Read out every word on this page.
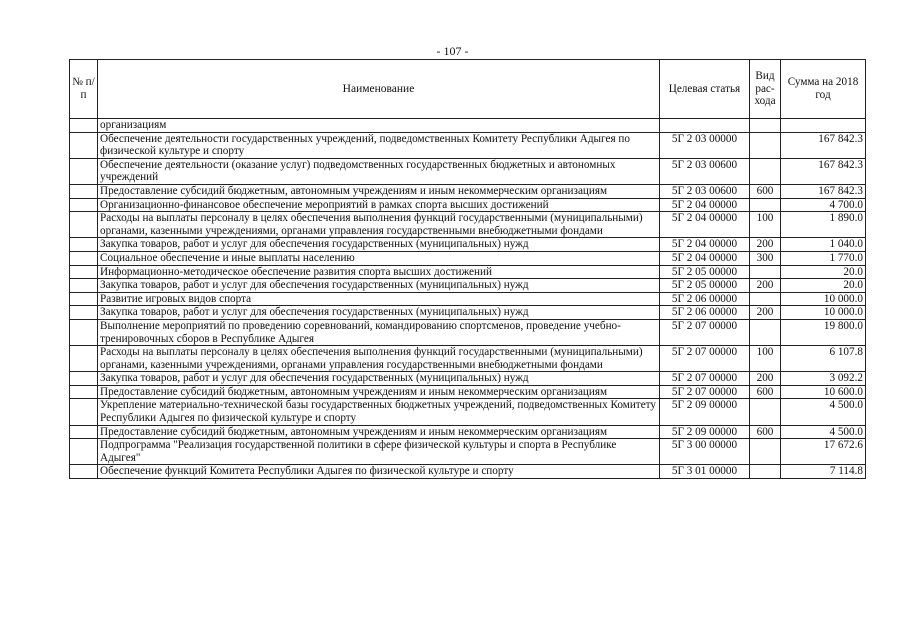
- 107 -
№ п/п	Наименование	Целевая статья	Вид рас- хода	Сумма на 2018 год
	организациям			
	Обеспечение деятельности государственных учреждений, подведомственных Комитету Республики Адыгея по физической культуре и спорту	5Г 2 03 00000		167 842.3
	Обеспечение деятельности (оказание услуг) подведомственных государственных бюджетных и автономных учреждений	5Г 2 03 00600		167 842.3
	Предоставление субсидий бюджетным, автономным учреждениям и иным некоммерческим организациям	5Г 2 03 00600	600	167 842.3
	Организационно-финансовое обеспечение мероприятий в рамках спорта высших достижений	5Г 2 04 00000		4 700.0
	Расходы на выплаты персоналу в целях обеспечения выполнения функций государственными (муниципальными) органами, казенными учреждениями, органами управления государственными внебюджетными фондами	5Г 2 04 00000	100	1 890.0
	Закупка товаров, работ и услуг для обеспечения государственных (муниципальных) нужд	5Г 2 04 00000	200	1 040.0
	Социальное обеспечение и иные выплаты населению	5Г 2 04 00000	300	1 770.0
	Информационно-методическое обеспечение развития спорта высших достижений	5Г 2 05 00000		20.0
	Закупка товаров, работ и услуг для обеспечения государственных (муниципальных) нужд	5Г 2 05 00000	200	20.0
	Развитие игровых видов спорта	5Г 2 06 00000		10 000.0
	Закупка товаров, работ и услуг для обеспечения государственных (муниципальных) нужд	5Г 2 06 00000	200	10 000.0
	Выполнение мероприятий по проведению соревнований, командированию спортсменов, проведение учебно-тренировочных сборов в Республике Адыгея	5Г 2 07 00000		19 800.0
	Расходы на выплаты персоналу в целях обеспечения выполнения функций государственными (муниципальными) органами, казенными учреждениями, органами управления государственными внебюджетными фондами	5Г 2 07 00000	100	6 107.8
	Закупка товаров, работ и услуг для обеспечения государственных (муниципальных) нужд	5Г 2 07 00000	200	3 092.2
	Предоставление субсидий бюджетным, автономным учреждениям и иным некоммерческим организациям	5Г 2 07 00000	600	10 600.0
	Укрепление материально-технической базы государственных бюджетных учреждений, подведомственных Комитету Республики Адыгея по физической культуре и спорту	5Г 2 09 00000		4 500.0
	Предоставление субсидий бюджетным, автономным учреждениям и иным некоммерческим организациям	5Г 2 09 00000	600	4 500.0
	Подпрограмма "Реализация государственной политики в сфере физической культуры и спорта в Республике Адыгея"	5Г 3 00 00000		17 672.6
	Обеспечение функций Комитета Республики Адыгея по физической культуре и спорту	5Г 3 01 00000		7 114.8
